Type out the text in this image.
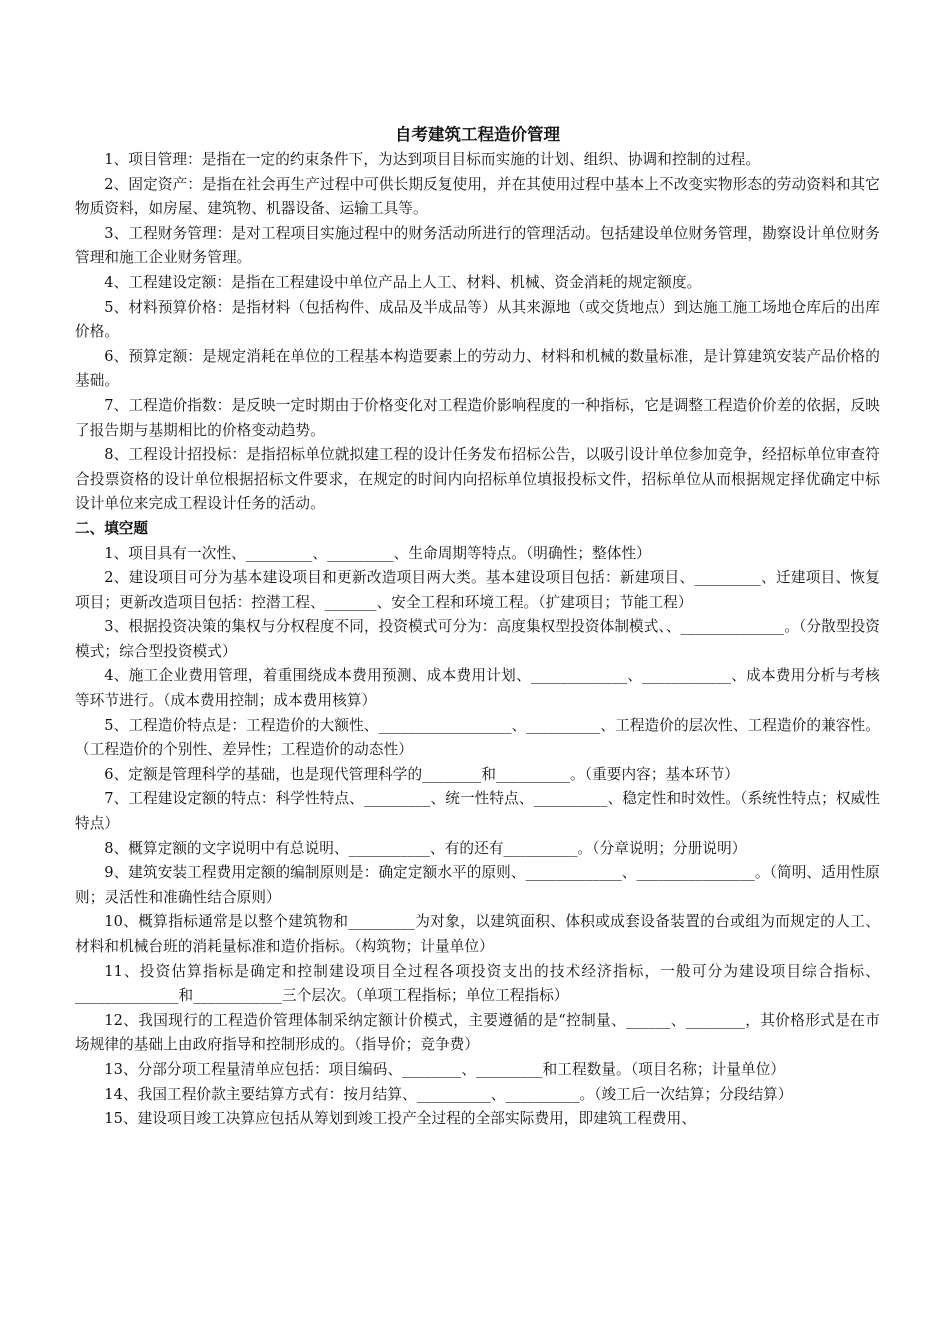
自考建筑工程造价管理

1、项目管理：是指在一定的约束条件下，为达到项目目标而实施的计划、组织、协调和控制的过程。

2、固定资产：是指在社会再生产过程中可供长期反复使用，并在其使用过程中基本上不改变实物形态的劳动资料和其它物质资料，如房屋、建筑物、机器设备、运输工具等。

3、工程财务管理：是对工程项目实施过程中的财务活动所进行的管理活动。包括建设单位财务管理，勘察设计单位财务管理和施工企业财务管理。

4、工程建设定额：是指在工程建设中单位产品上人工、材料、机械、资金消耗的规定额度。

5、材料预算价格：是指材料（包括构件、成品及半成品等）从其来源地（或交货地点）到达施工施工场地仓库后的出库价格。

6、预算定额：是规定消耗在单位的工程基本构造要素上的劳动力、材料和机械的数量标准，是计算建筑安装产品价格的基础。

7、工程造价指数：是反映一定时期由于价格变化对工程造价影响程度的一种指标，它是调整工程造价价差的依据，反映了报告期与基期相比的价格变动趋势。

8、工程设计招投标：是指招标单位就拟建工程的设计任务发布招标公告，以吸引设计单位参加竞争，经招标单位审查符合投票资格的设计单位根据招标文件要求，在规定的时间内向招标单位填报投标文件，招标单位从而根据规定择优确定中标设计单位来完成工程设计任务的活动。

二、填空题

1、项目具有一次性、_________、_________、生命周期等特点。（明确性；整体性）

2、建设项目可分为基本建设项目和更新改造项目两大类。基本建设项目包括：新建项目、_________、迁建项目、恢复项目；更新改造项目包括：控潜工程、_______、安全工程和环境工程。（扩建项目；节能工程）

3、根据投资决策的集权与分权程度不同，投资模式可分为：高度集权型投资体制模式、、______________。（分散型投资模式；综合型投资模式）

4、施工企业费用管理，着重围绕成本费用预测、成本费用计划、_____________、____________、成本费用分析与考核等环节进行。（成本费用控制；成本费用核算）

5、工程造价特点是：工程造价的大额性、__________________、__________、工程造价的层次性、工程造价的兼容性。（工程造价的个别性、差异性；工程造价的动态性）

6、定额是管理科学的基础，也是现代管理科学的________和__________。（重要内容；基本环节）

7、工程建设定额的特点：科学性特点、_________、统一性特点、__________、稳定性和时效性。（系统性特点；权威性特点）

8、概算定额的文字说明中有总说明、___________、有的还有__________。（分章说明；分册说明）

9、建筑安装工程费用定额的编制原则是：确定定额水平的原则、_____________、________________。（简明、适用性原则；灵活性和准确性结合原则）

10、概算指标通常是以整个建筑物和_________为对象，以建筑面积、体积或成套设备装置的台或组为而规定的人工、材料和机械台班的消耗量标准和造价指标。（构筑物；计量单位）

11、投资估算指标是确定和控制建设项目全过程各项投资支出的技术经济指标，一般可分为建设项目综合指标、______________和____________三个层次。（单项工程指标；单位工程指标）

12、我国现行的工程造价管理体制采纳定额计价模式，主要遵循的是“控制量、______、________，其价格形式是在市场规律的基础上由政府指导和控制形成的。（指导价；竞争费）

13、分部分项工程量清单应包括：项目编码、________、_________和工程数量。（项目名称；计量单位）

14、我国工程价款主要结算方式有：按月结算、__________、__________。（竣工后一次结算；分段结算）

15、建设项目竣工决算应包括从筹划到竣工投产全过程的全部实际费用，即建筑工程费用、
